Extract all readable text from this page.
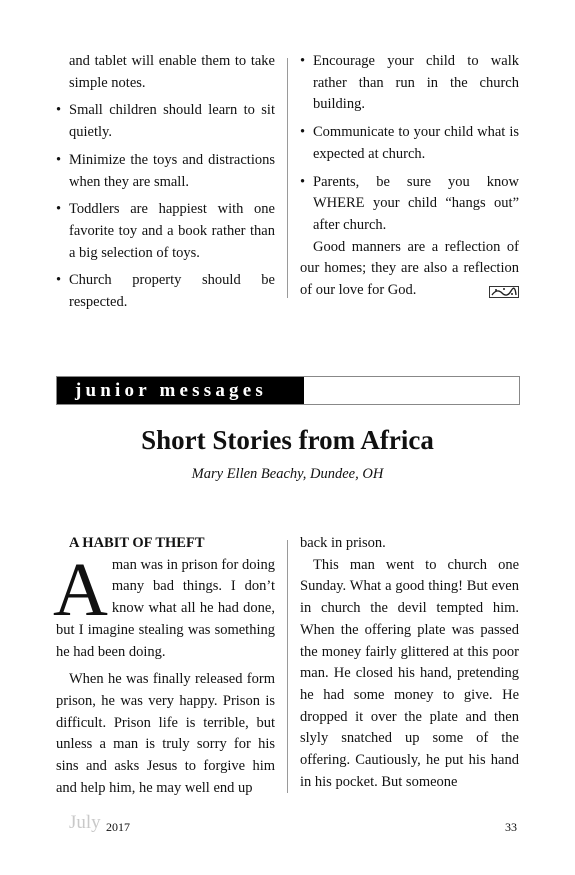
and tablet will enable them to take simple notes.
• Small children should learn to sit quietly.
• Minimize the toys and distractions when they are small.
• Toddlers are happiest with one favorite toy and a book rather than a big selection of toys.
• Church property should be respected.
• Encourage your child to walk rather than run in the church building.
• Communicate to your child what is expected at church.
• Parents, be sure you know WHERE your child “hangs out” after church.

Good manners are a reflection of our homes; they are also a reflection of our love for God.

junior messages
Short Stories from Africa
Mary Ellen Beachy, Dundee, OH
A HABIT OF THEFT

Aman was in prison for doing many bad things. I don’t know what all he had done, but I imagine stealing was something he had been doing.

When he was finally released form prison, he was very happy. Prison is difficult. Prison life is terrible, but unless a man is truly sorry for his sins and asks Jesus to forgive him and help him, he may well end up

back in prison.

This man went to church one Sunday. What a good thing! But even in church the devil tempted him. When the offering plate was passed the money fairly glittered at this poor man. He closed his hand, pretending he had some money to give. He dropped it over the plate and then slyly snatched up some of the offering. Cautiously, he put his hand in his pocket. But someone

July 2017	33
